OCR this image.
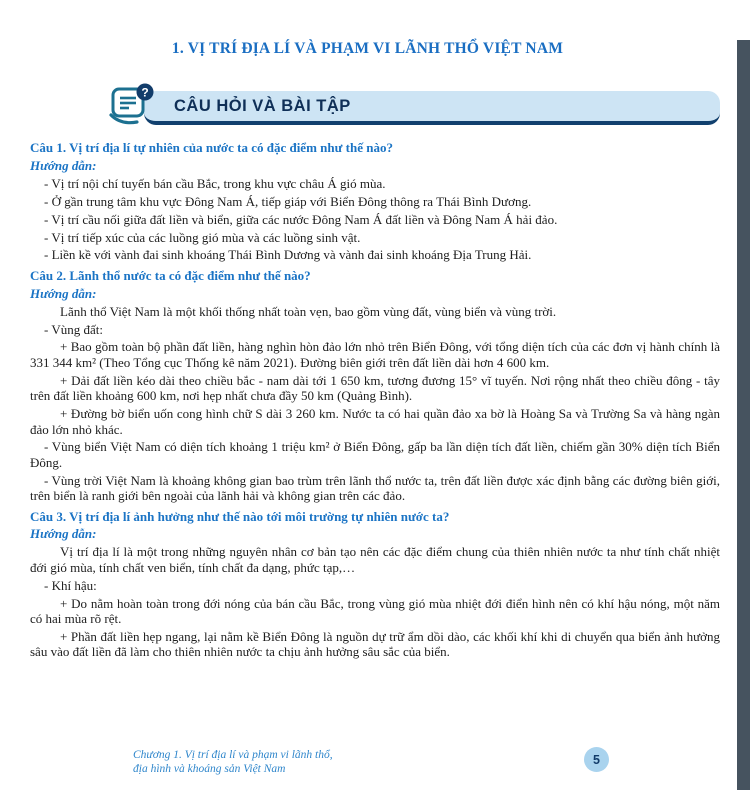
1. VỊ TRÍ ĐỊA LÍ VÀ PHẠM VI LÃNH THỔ VIỆT NAM
?
CÂU HỎI VÀ BÀI TẬP

Câu 1. Vị trí địa lí tự nhiên của nước ta có đặc điểm như thế nào?

Hướng dẫn:

- Vị trí nội chí tuyến bán cầu Bắc, trong khu vực châu Á gió mùa.

- Ở gần trung tâm khu vực Đông Nam Á, tiếp giáp với Biển Đông thông ra Thái Bình Dương.

- Vị trí cầu nối giữa đất liền và biển, giữa các nước Đông Nam Á đất liền và Đông Nam Á hải đảo.

- Vị trí tiếp xúc của các luồng gió mùa và các luồng sinh vật.

- Liền kề với vành đai sinh khoáng Thái Bình Dương và vành đai sinh khoáng Địa Trung Hải.

Câu 2. Lãnh thổ nước ta có đặc điểm như thế nào?

Hướng dẫn:

Lãnh thổ Việt Nam là một khối thống nhất toàn vẹn, bao gồm vùng đất, vùng biển và vùng trời.

- Vùng đất:

+ Bao gồm toàn bộ phần đất liền, hàng nghìn hòn đảo lớn nhỏ trên Biển Đông, với tổng diện tích của các đơn vị hành chính là 331 344 km² (Theo Tổng cục Thống kê năm 2021). Đường biên giới trên đất liền dài hơn 4 600 km.

+ Dải đất liền kéo dài theo chiều bắc - nam dài tới 1 650 km, tương đương 15° vĩ tuyến. Nơi rộng nhất theo chiều đông - tây trên đất liền khoảng 600 km, nơi hẹp nhất chưa đầy 50 km (Quảng Bình).

+ Đường bờ biển uốn cong hình chữ S dài 3 260 km. Nước ta có hai quần đảo xa bờ là Hoàng Sa và Trường Sa và hàng ngàn đảo lớn nhỏ khác.

- Vùng biển Việt Nam có diện tích khoảng 1 triệu km² ở Biển Đông, gấp ba lần diện tích đất liền, chiếm gần 30% diện tích Biển Đông.

- Vùng trời Việt Nam là khoảng không gian bao trùm trên lãnh thổ nước ta, trên đất liền được xác định bằng các đường biên giới, trên biển là ranh giới bên ngoài của lãnh hải và không gian trên các đảo.

Câu 3. Vị trí địa lí ảnh hưởng như thế nào tới môi trường tự nhiên nước ta?

Hướng dẫn:

Vị trí địa lí là một trong những nguyên nhân cơ bản tạo nên các đặc điểm chung của thiên nhiên nước ta như tính chất nhiệt đới gió mùa, tính chất ven biển, tính chất đa dạng, phức tạp,…

- Khí hậu:

+ Do nằm hoàn toàn trong đới nóng của bán cầu Bắc, trong vùng gió mùa nhiệt đới điển hình nên có khí hậu nóng, một năm có hai mùa rõ rệt.

+ Phần đất liền hẹp ngang, lại nằm kề Biển Đông là nguồn dự trữ ẩm dồi dào, các khối khí khi di chuyển qua biển ảnh hưởng sâu vào đất liền đã làm cho thiên nhiên nước ta chịu ảnh hưởng sâu sắc của biển.

Chương 1. Vị trí địa lí và phạm vi lãnh thổ,
địa hình và khoáng sản Việt Nam
5
